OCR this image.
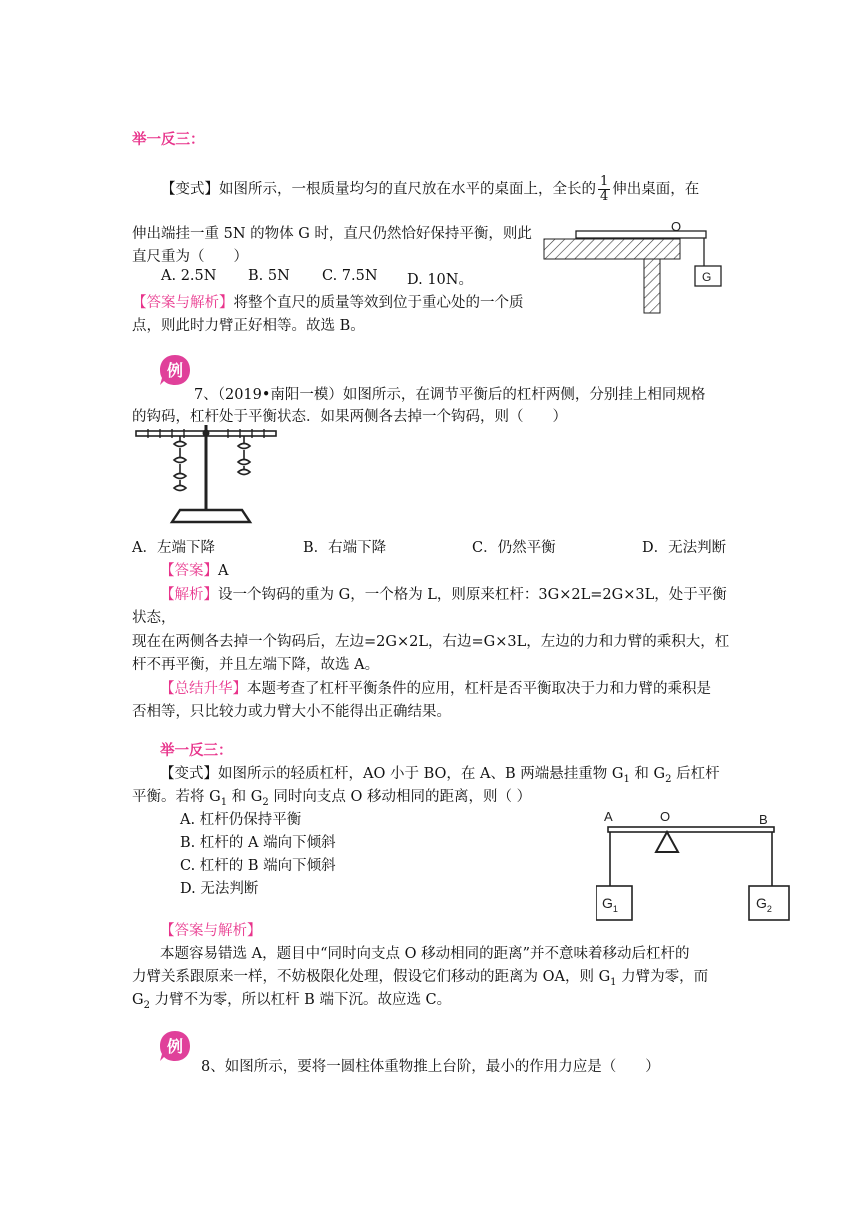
举一反三：
【变式】如图所示，一根质量均匀的直尺放在水平的桌面上，全长的 $\frac{1}{4}$ 伸出桌面，在
伸出端挂一重 5N 的物体 G 时，直尺仍然恰好保持平衡，则此
直尺重为（　　）
A. 2.5N B. 5N C. 7.5N D. 10N。
【答案与解析】将整个直尺的质量等效到位于重心处的一个质
点，则此时力臂正好相等。故选 B。
O
G
例
7、（2019•南阳一模）如图所示，在调节平衡后的杠杆两侧，分别挂上相同规格
的钩码，杠杆处于平衡状态．如果两侧各去掉一个钩码，则（　　）
A．左端下降	B．右端下降	C．仍然平衡	D．无法判断
【答案】A
【解析】设一个钩码的重为 G，一个格为 L，则原来杠杆：3G×2L=2G×3L，处于平衡
状态，
现在在两侧各去掉一个钩码后，左边=2G×2L，右边=G×3L，左边的力和力臂的乘积大，杠
杆不再平衡，并且左端下降，故选 A。
【总结升华】本题考查了杠杆平衡条件的应用，杠杆是否平衡取决于力和力臂的乘积是
否相等，只比较力或力臂大小不能得出正确结果。
举一反三：
【变式】如图所示的轻质杠杆，AO 小于 BO，在 A、B 两端悬挂重物 $G_1$ 和 $G_2$ 后杠杆
平衡。若将 $G_1$ 和 $G_2$ 同时向支点 O 移动相同的距离，则（ ）
A. 杠杆仍保持平衡
B. 杠杆的 A 端向下倾斜
C. 杠杆的 B 端向下倾斜
D. 无法判断
A	O	B
$G_1$	$G_2$
【答案与解析】
本题容易错选 A，题目中“同时向支点 O 移动相同的距离”并不意味着移动后杠杆的
力臂关系跟原来一样，不妨极限化处理，假设它们移动的距离为 OA，则 $G_1$ 力臂为零，而
$G_2$ 力臂不为零，所以杠杆 B 端下沉。故应选 C。
例
8、如图所示，要将一圆柱体重物推上台阶，最小的作用力应是（　　）
